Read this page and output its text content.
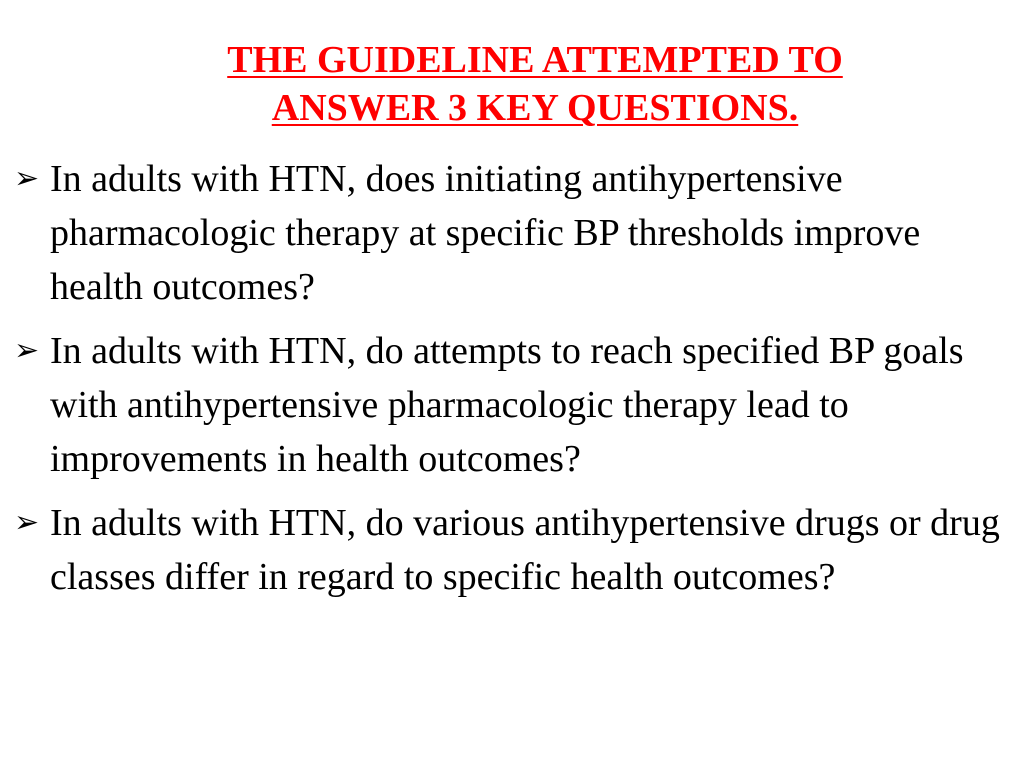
THE GUIDELINE ATTEMPTED TO
ANSWER 3 KEY QUESTIONS.
➢ In adults with HTN, does initiating antihypertensive pharmacologic therapy at specific BP thresholds improve health outcomes?
➢ In adults with HTN, do attempts to reach specified BP goals with antihypertensive pharmacologic therapy lead to improvements in health outcomes?
➢ In adults with HTN, do various antihypertensive drugs or drug classes differ in regard to specific health outcomes?
